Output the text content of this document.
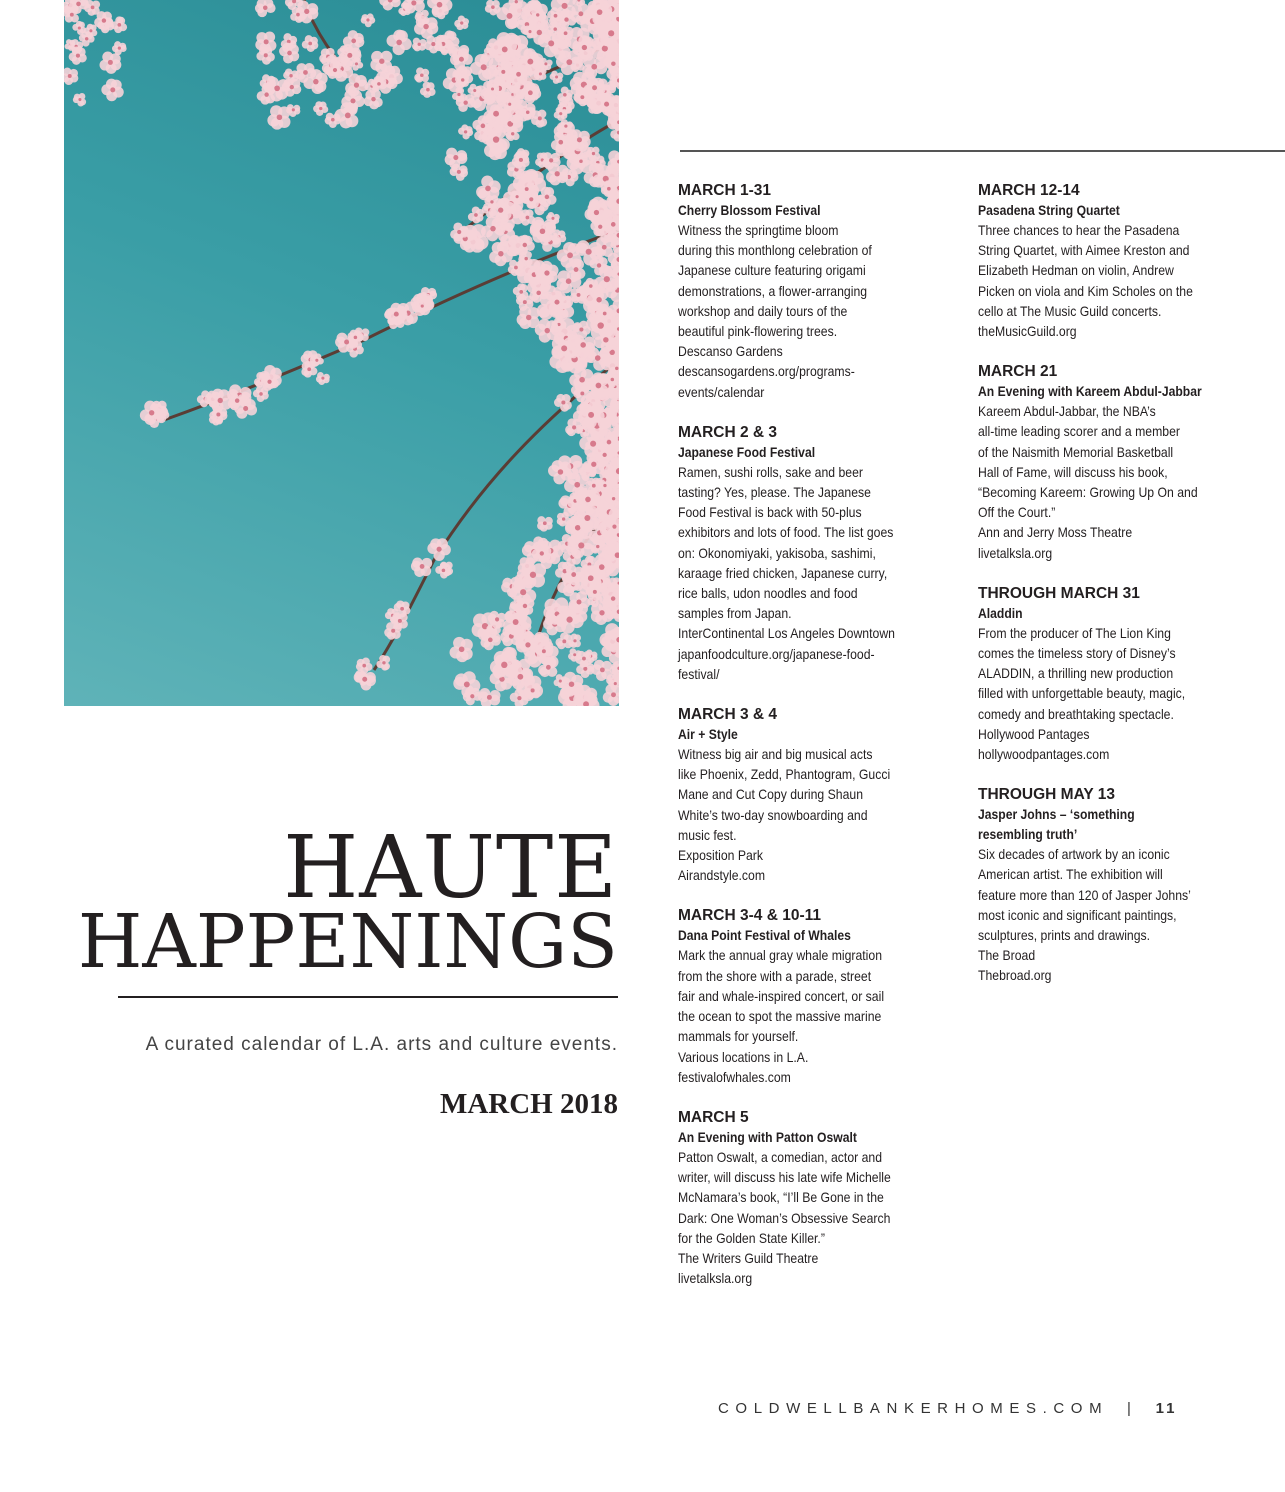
HAUTE
HAPPENINGS
A curated calendar of L.A. arts and culture events.
MARCH 2018
MARCH 1-31
Cherry Blossom Festival
Witness the springtime bloom
during this monthlong celebration of
Japanese culture featuring origami
demonstrations, a flower-arranging
workshop and daily tours of the
beautiful pink-flowering trees.
Descanso Gardens
descansogardens.org/programs-
events/calendar
MARCH 2 & 3
Japanese Food Festival
Ramen, sushi rolls, sake and beer
tasting? Yes, please. The Japanese
Food Festival is back with 50-plus
exhibitors and lots of food. The list goes
on: Okonomiyaki, yakisoba, sashimi,
karaage fried chicken, Japanese curry,
rice balls, udon noodles and food
samples from Japan.
InterContinental Los Angeles Downtown
japanfoodculture.org/japanese-food-
festival/
MARCH 3 & 4
Air + Style
Witness big air and big musical acts
like Phoenix, Zedd, Phantogram, Gucci
Mane and Cut Copy during Shaun
White’s two-day snowboarding and
music fest.
Exposition Park
Airandstyle.com
MARCH 3-4 & 10-11
Dana Point Festival of Whales
Mark the annual gray whale migration
from the shore with a parade, street
fair and whale-inspired concert, or sail
the ocean to spot the massive marine
mammals for yourself.
Various locations in L.A.
festivalofwhales.com
MARCH 5
An Evening with Patton Oswalt
Patton Oswalt, a comedian, actor and
writer, will discuss his late wife Michelle
McNamara’s book, “I’ll Be Gone in the
Dark: One Woman’s Obsessive Search
for the Golden State Killer.”
The Writers Guild Theatre
livetalksla.org
MARCH 12-14
Pasadena String Quartet
Three chances to hear the Pasadena
String Quartet, with Aimee Kreston and
Elizabeth Hedman on violin, Andrew
Picken on viola and Kim Scholes on the
cello at The Music Guild concerts.
theMusicGuild.org
MARCH 21
An Evening with Kareem Abdul-Jabbar
Kareem Abdul-Jabbar, the NBA’s
all-time leading scorer and a member
of the Naismith Memorial Basketball
Hall of Fame, will discuss his book,
“Becoming Kareem: Growing Up On and
Off the Court.”
Ann and Jerry Moss Theatre
livetalksla.org
THROUGH MARCH 31
Aladdin
From the producer of The Lion King
comes the timeless story of Disney’s
ALADDIN, a thrilling new production
filled with unforgettable beauty, magic,
comedy and breathtaking spectacle.
Hollywood Pantages
hollywoodpantages.com
THROUGH MAY 13
Jasper Johns – ‘something resembling truth’
Six decades of artwork by an iconic
American artist. The exhibition will
feature more than 120 of Jasper Johns’
most iconic and significant paintings,
sculptures, prints and drawings.
The Broad
Thebroad.org
COLDWELLBANKERHOMES.COM | 11
